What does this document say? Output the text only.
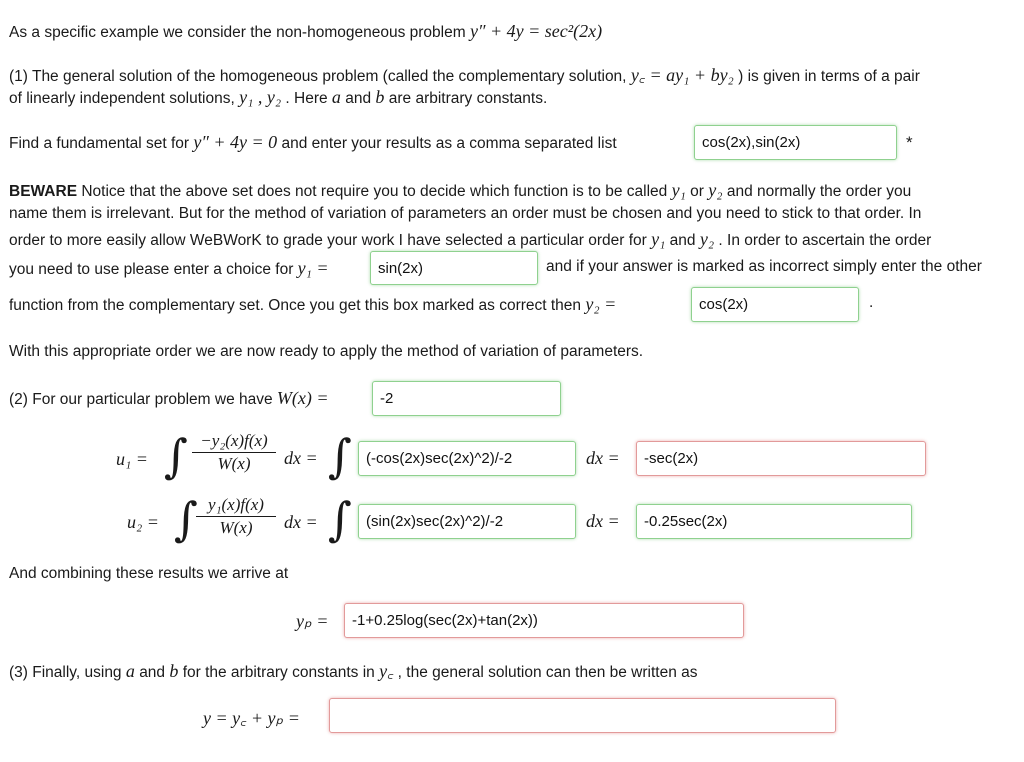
As a specific example we consider the non-homogeneous problem y″ + 4y = sec²(2x)
(1) The general solution of the homogeneous problem (called the complementary solution, y꜀ = ay₁ + by₂ ) is given in terms of a pair
of linearly independent solutions, y₁ , y₂ . Here a and b are arbitrary constants.
Find a fundamental set for y″ + 4y = 0 and enter your results as a comma separated list	cos(2x),sin(2x)	*
BEWARE Notice that the above set does not require you to decide which function is to be called y₁ or y₂ and normally the order you
name them is irrelevant. But for the method of variation of parameters an order must be chosen and you need to stick to that order. In
order to more easily allow WeBWorK to grade your work I have selected a particular order for y₁ and y₂ . In order to ascertain the order
you need to use please enter a choice for y₁ =	sin(2x)	and if your answer is marked as incorrect simply enter the other
function from the complementary set. Once you get this box marked as correct then y₂ =	cos(2x)	.
With this appropriate order we are now ready to apply the method of variation of parameters.
(2) For our particular problem we have W(x) =	-2
u₁ = ∫ $\frac{\text{−y₂(x)f(x)}}{W(x)}$ dx = ∫ (-cos(2x)sec(2x)^2)/-2	dx =	-sec(2x)
u₂ = ∫
$\frac{\text{y₁(x)f(x)}}{W(x)}$ dx = ∫ (sin(2x)sec(2x)^2)/-2	dx =	-0.25sec(2x)
And combining these results we arrive at
yₚ =	-1+0.25log(sec(2x)+tan(2x))
(3) Finally, using a and b for the arbitrary constants in y꜀ , the general solution can then be written as
y = y꜀ + yₚ =
